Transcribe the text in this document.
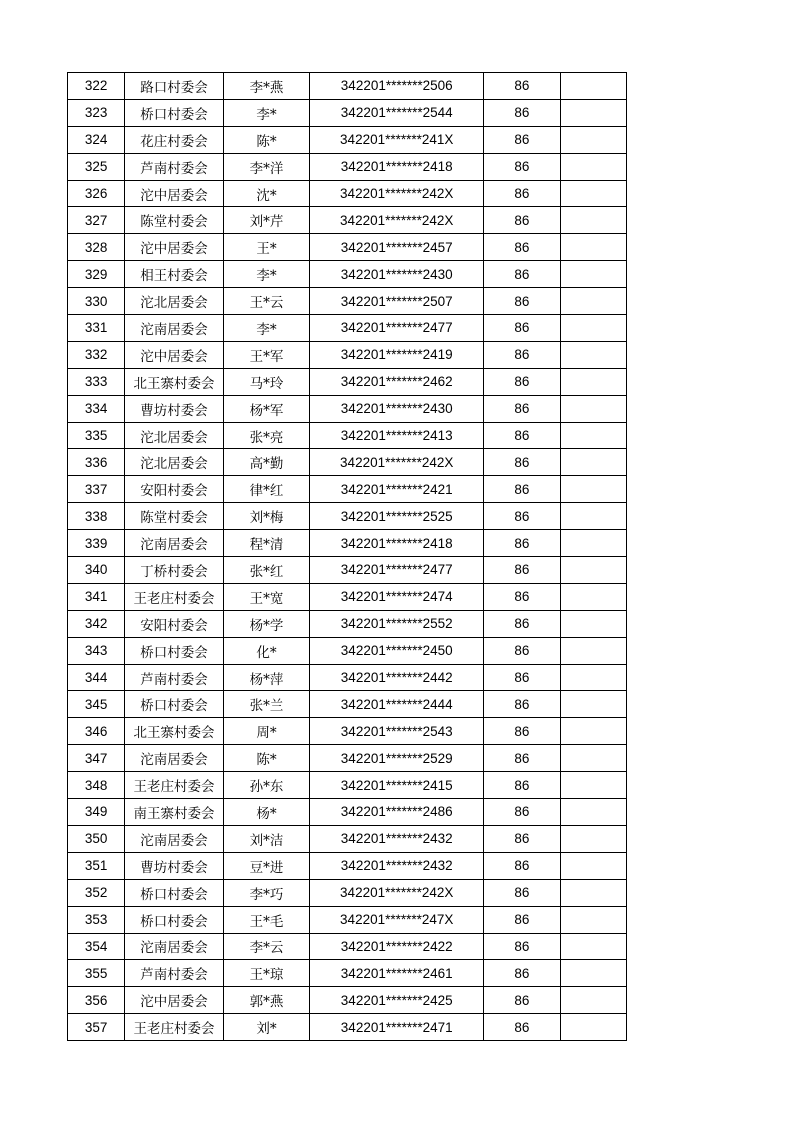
322	路口村委会	李*燕	342201*******2506	86	
323	桥口村委会	李*	342201*******2544	86	
324	花庄村委会	陈*	342201*******241X	86	
325	芦南村委会	李*洋	342201*******2418	86	
326	沱中居委会	沈*	342201*******242X	86	
327	陈堂村委会	刘*芹	342201*******242X	86	
328	沱中居委会	王*	342201*******2457	86	
329	相王村委会	李*	342201*******2430	86	
330	沱北居委会	王*云	342201*******2507	86	
331	沱南居委会	李*	342201*******2477	86	
332	沱中居委会	王*军	342201*******2419	86	
333	北王寨村委会	马*玲	342201*******2462	86	
334	曹坊村委会	杨*军	342201*******2430	86	
335	沱北居委会	张*亮	342201*******2413	86	
336	沱北居委会	高*勤	342201*******242X	86	
337	安阳村委会	律*红	342201*******2421	86	
338	陈堂村委会	刘*梅	342201*******2525	86	
339	沱南居委会	程*清	342201*******2418	86	
340	丁桥村委会	张*红	342201*******2477	86	
341	王老庄村委会	王*宽	342201*******2474	86	
342	安阳村委会	杨*学	342201*******2552	86	
343	桥口村委会	化*	342201*******2450	86	
344	芦南村委会	杨*萍	342201*******2442	86	
345	桥口村委会	张*兰	342201*******2444	86	
346	北王寨村委会	周*	342201*******2543	86	
347	沱南居委会	陈*	342201*******2529	86	
348	王老庄村委会	孙*东	342201*******2415	86	
349	南王寨村委会	杨*	342201*******2486	86	
350	沱南居委会	刘*洁	342201*******2432	86	
351	曹坊村委会	豆*进	342201*******2432	86	
352	桥口村委会	李*巧	342201*******242X	86	
353	桥口村委会	王*毛	342201*******247X	86	
354	沱南居委会	李*云	342201*******2422	86	
355	芦南村委会	王*琼	342201*******2461	86	
356	沱中居委会	郭*燕	342201*******2425	86	
357	王老庄村委会	刘*	342201*******2471	86	
